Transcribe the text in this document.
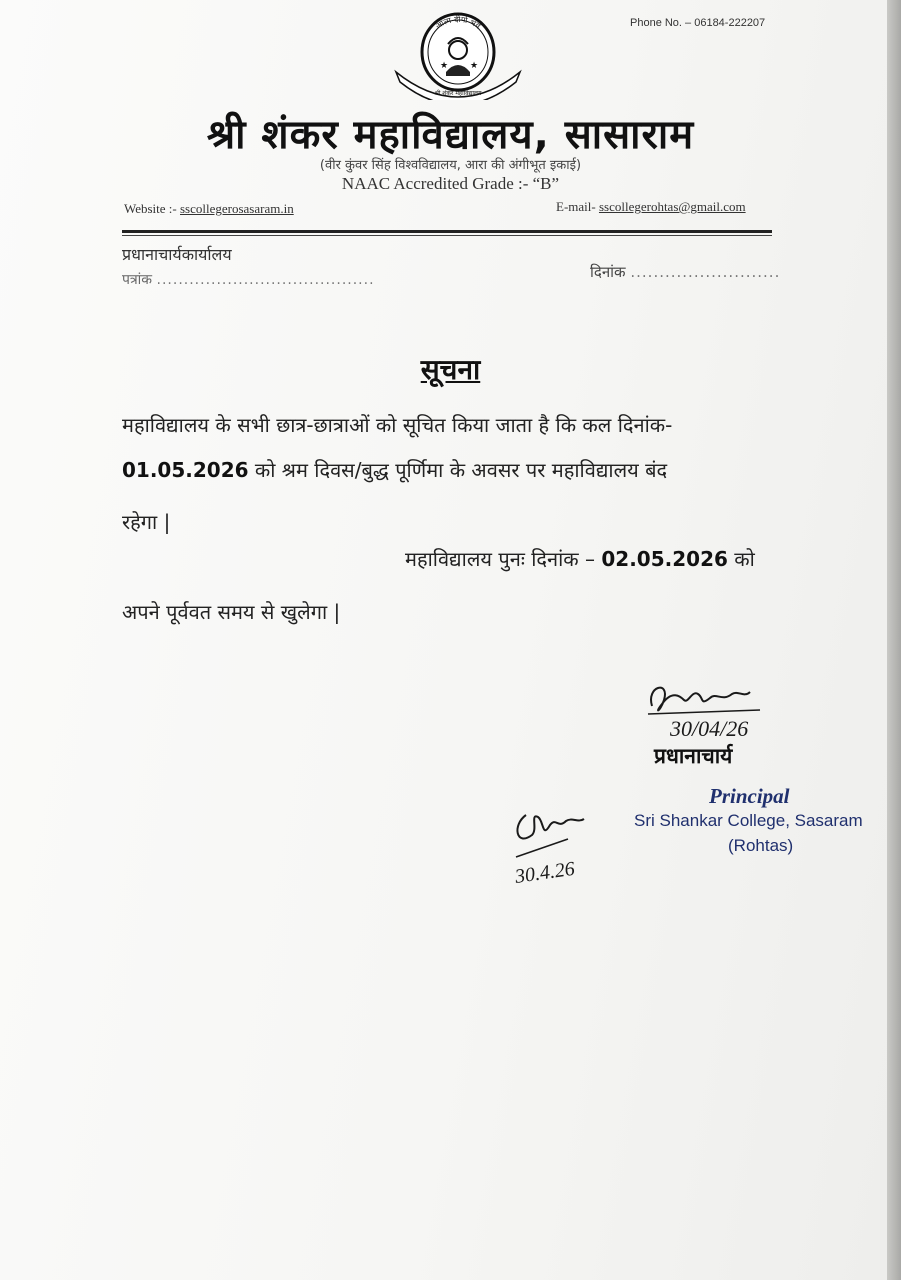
Phone No. – 06184-222207
आत्म दीपो भव
★ ★
श्री शंकर महाविद्यालय
श्री शंकर महाविद्यालय, सासाराम
(वीर कुंवर सिंह विश्वविद्यालय, आरा की अंगीभूत इकाई)
NAAC Accredited Grade :- “B”
Website :- sscollegerosasaram.in	E-mail- sscollegerohtas@gmail.com
प्रधानाचार्यकार्यालय
पत्रांक ........................................	दिनांक ..........................
सूचना
महाविद्यालय के सभी छात्र-छात्राओं को सूचित किया जाता है कि कल दिनांक-
01.05.2026 को श्रम दिवस/बुद्ध पूर्णिमा के अवसर पर महाविद्यालय बंद
रहेगा |
महाविद्यालय पुनः दिनांक – 02.05.2026 को
अपने पूर्ववत समय से खुलेगा |
30/04/26
प्रधानाचार्य
Principal
Sri Shankar College, Sasaram
(Rohtas)
30.4.26
